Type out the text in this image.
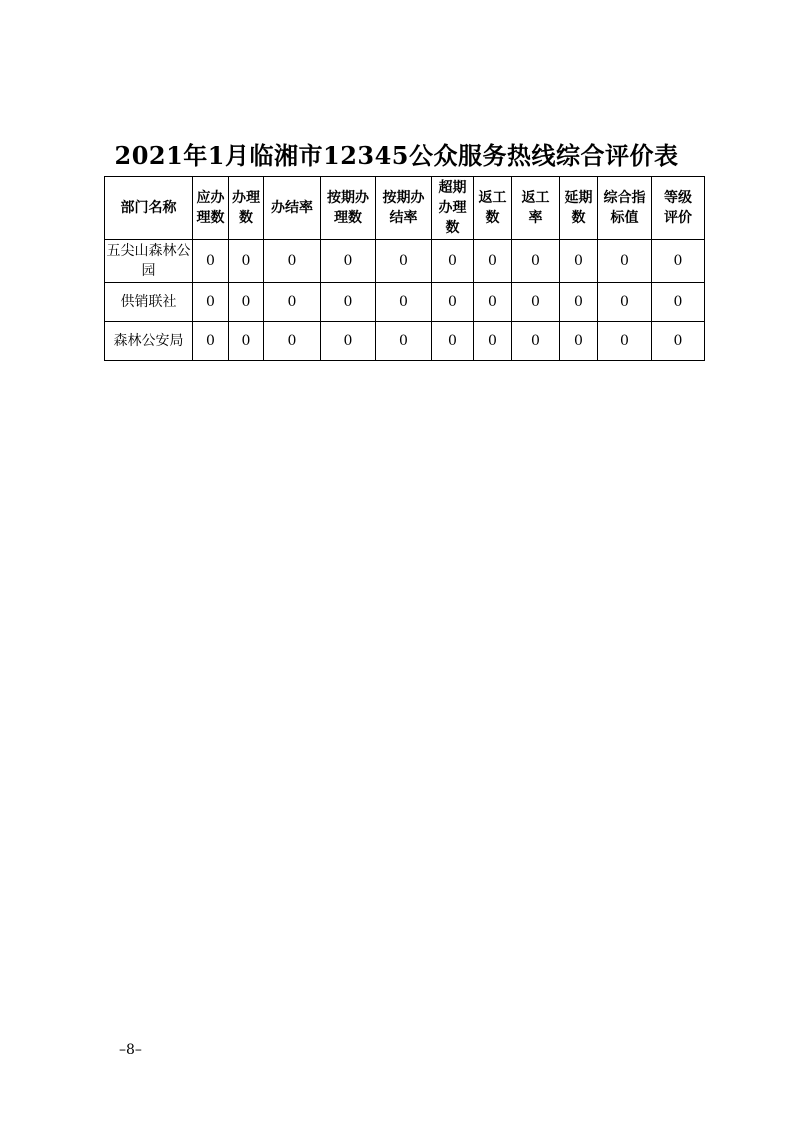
2021年1月临湘市12345公众服务热线综合评价表
部门名称	应办理数	办理数	办结率	按期办理数	按期办结率	超期办理数	返工数	返工率	延期数	综合指标值	等级评价
五尖山森林公园	0	0	0	0	0	0	0	0	0	0	0
供销联社	0	0	0	0	0	0	0	0	0	0	0
森林公安局	0	0	0	0	0	0	0	0	0	0	0
–8–
